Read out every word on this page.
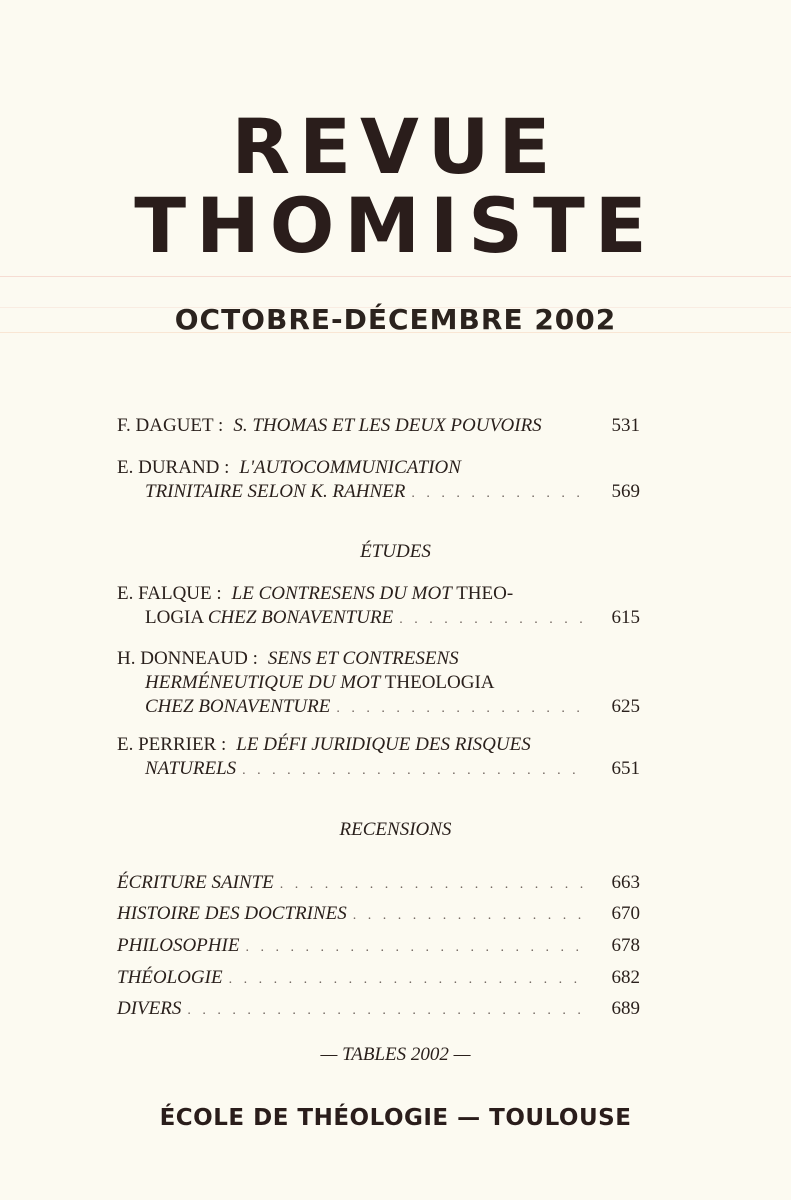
REVUE
THOMISTE
OCTOBRE-DÉCEMBRE 2002
F. DAGUET : S. THOMAS ET LES DEUX POUVOIRS	531
E. DURAND : L'AUTOCOMMUNICATION
TRINITAIRE SELON K. RAHNER . . .	569
E. FALQUE : LE CONTRESENS DU MOT THEO-
LOGIA CHEZ BONAVENTURE . . .	615
H. DONNEAUD : SENS ET CONTRESENS
HERMÉNEUTIQUE DU MOT THEOLOGIA
CHEZ BONAVENTURE . . .	625
E. PERRIER : LE DÉFI JURIDIQUE DES RISQUES
NATURELS . . .	651
ÉCRITURE SAINTE . . .	663
HISTOIRE DES DOCTRINES . . .	670
PHILOSOPHIE . . .	678
THÉOLOGIE . . .	682
DIVERS . . .	689
ÉTUDES
RECENSIONS
— TABLES 2002 —
ÉCOLE DE THÉOLOGIE — TOULOUSE
